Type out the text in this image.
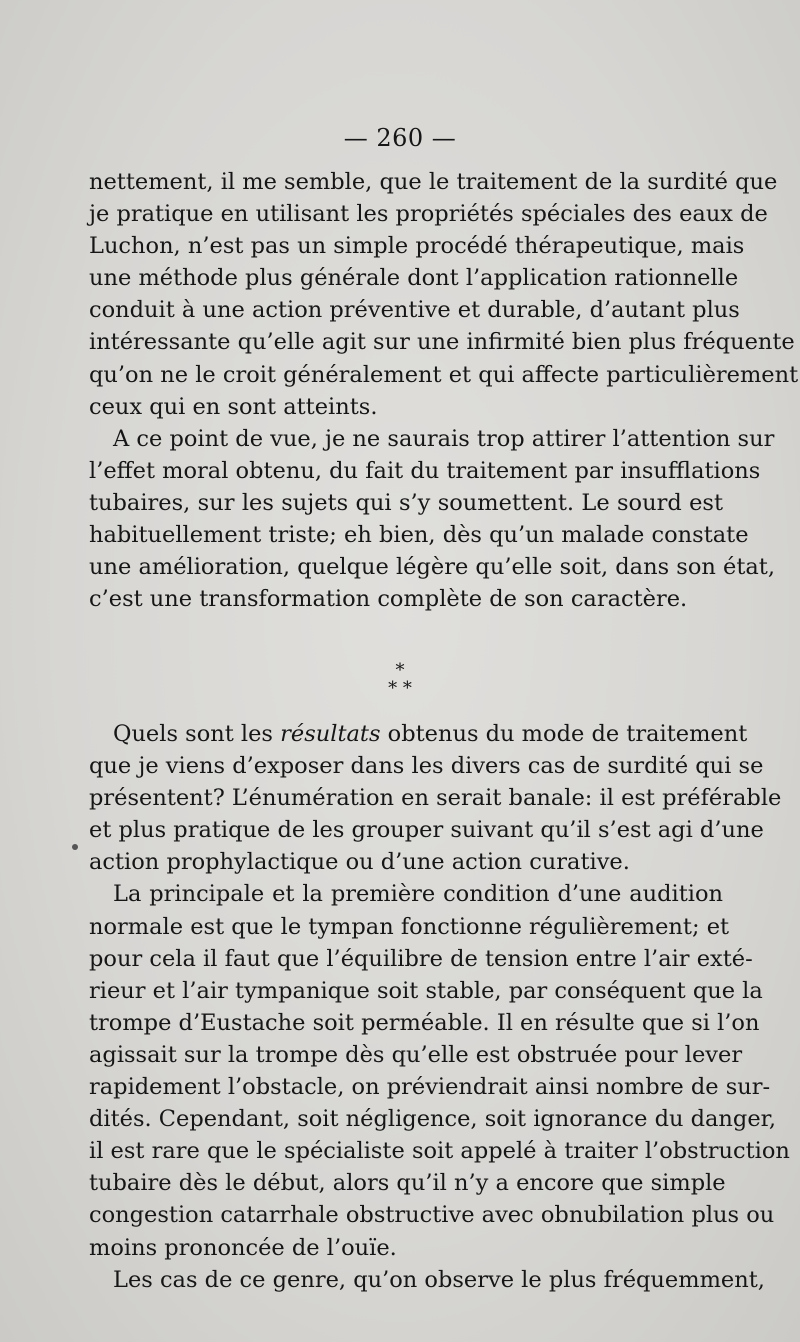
— 260 —

nettement, il me semble, que le traitement de la surdité que
je pratique en utilisant les propriétés spéciales des eaux de
Luchon, n’est pas un simple procédé thérapeutique, mais
une méthode plus générale dont l’application rationnelle
conduit à une action préventive et durable, d’autant plus
intéressante qu’elle agit sur une infirmité bien plus fréquente
qu’on ne le croit généralement et qui affecte particulièrement
ceux qui en sont atteints.

A ce point de vue, je ne saurais trop attirer l’attention sur
l’effet moral obtenu, du fait du traitement par insufflations
tubaires, sur les sujets qui s’y soumettent. Le sourd est
habituellement triste; eh bien, dès qu’un malade constate
une amélioration, quelque légère qu’elle soit, dans son état,
c’est une transformation complète de son caractère.

*
* *

Quels sont les résultats obtenus du mode de traitement
que je viens d’exposer dans les divers cas de surdité qui se
présentent? L’énumération en serait banale: il est préférable
et plus pratique de les grouper suivant qu’il s’est agi d’une
action prophylactique ou d’une action curative.

La principale et la première condition d’une audition
normale est que le tympan fonctionne régulièrement; et
pour cela il faut que l’équilibre de tension entre l’air exté-
rieur et l’air tympanique soit stable, par conséquent que la
trompe d’Eustache soit perméable. Il en résulte que si l’on
agissait sur la trompe dès qu’elle est obstruée pour lever
rapidement l’obstacle, on préviendrait ainsi nombre de sur-
dités. Cependant, soit négligence, soit ignorance du danger,
il est rare que le spécialiste soit appelé à traiter l’obstruction
tubaire dès le début, alors qu’il n’y a encore que simple
congestion catarrhale obstructive avec obnubilation plus ou
moins prononcée de l’ouïe.

Les cas de ce genre, qu’on observe le plus fréquemment,
